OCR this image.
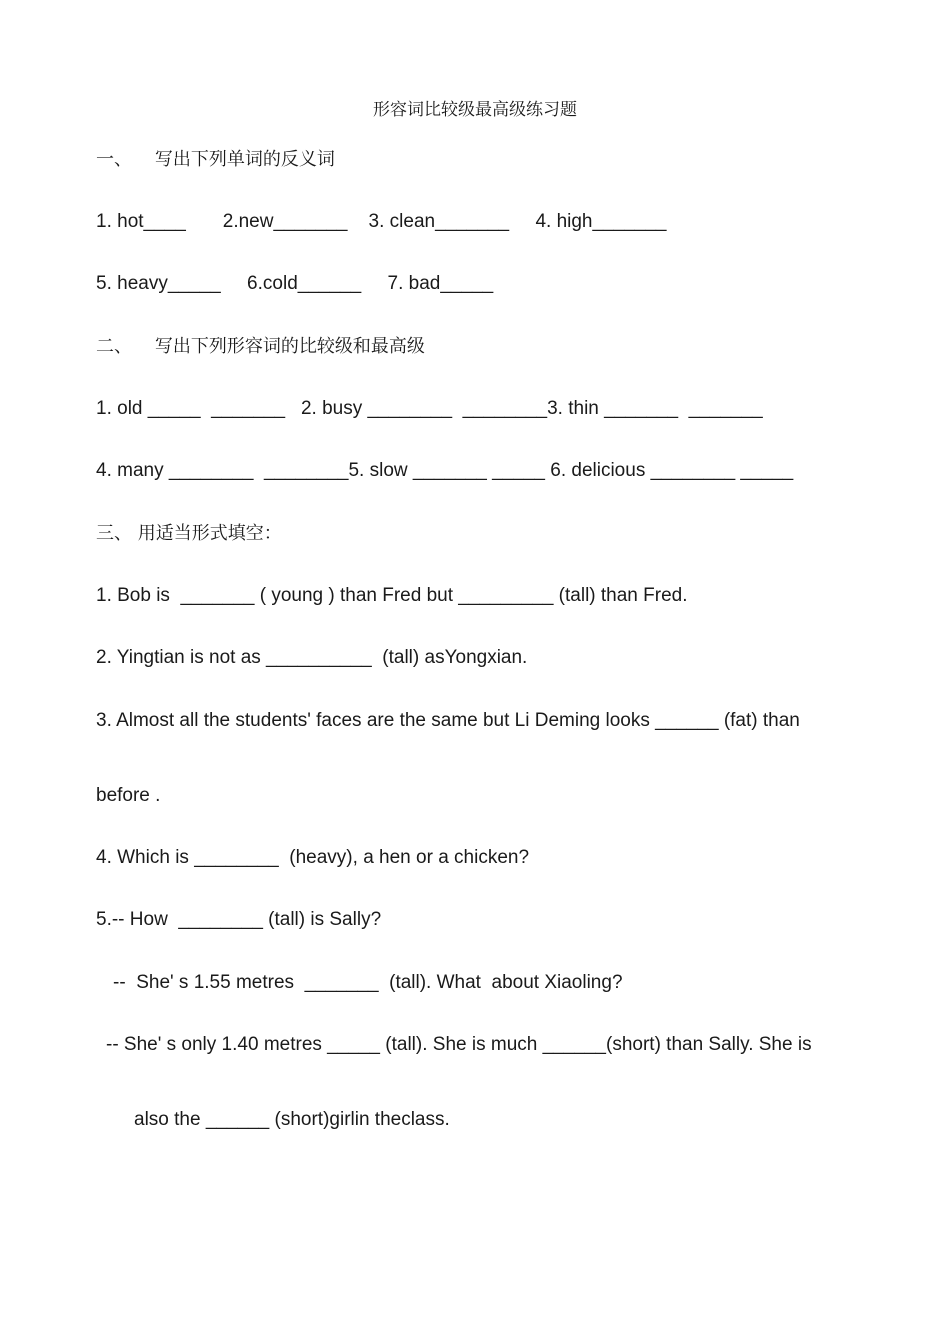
形容词比较级最高级练习题
一、    写出下列单词的反义词
1. hot____       2.new_______    3. clean_______     4. high_______
5. heavy_____     6.cold______     7. bad_____
二、    写出下列形容词的比较级和最高级
1. old _____  _______   2. busy ________  ________3. thin _______  _______
4. many ________  ________5. slow _______ _____ 6. delicious ________ _____
三、 用适当形式填空：
1. Bob is  _______ ( young ) than Fred but _________ (tall) than Fred.
2. Yingtian is not as __________  (tall) asYongxian.
3. Almost all the students' faces are the same but Li Deming looks ______ (fat) than
before .
4. Which is ________  (heavy), a hen or a chicken?
5.-- How  ________ (tall) is Sally?
--  She' s 1.55 metres  _______  (tall). What  about Xiaoling?
-- She' s only 1.40 metres _____ (tall). She is much ______(short) than Sally. She is
also the ______ (short)girlin theclass.
